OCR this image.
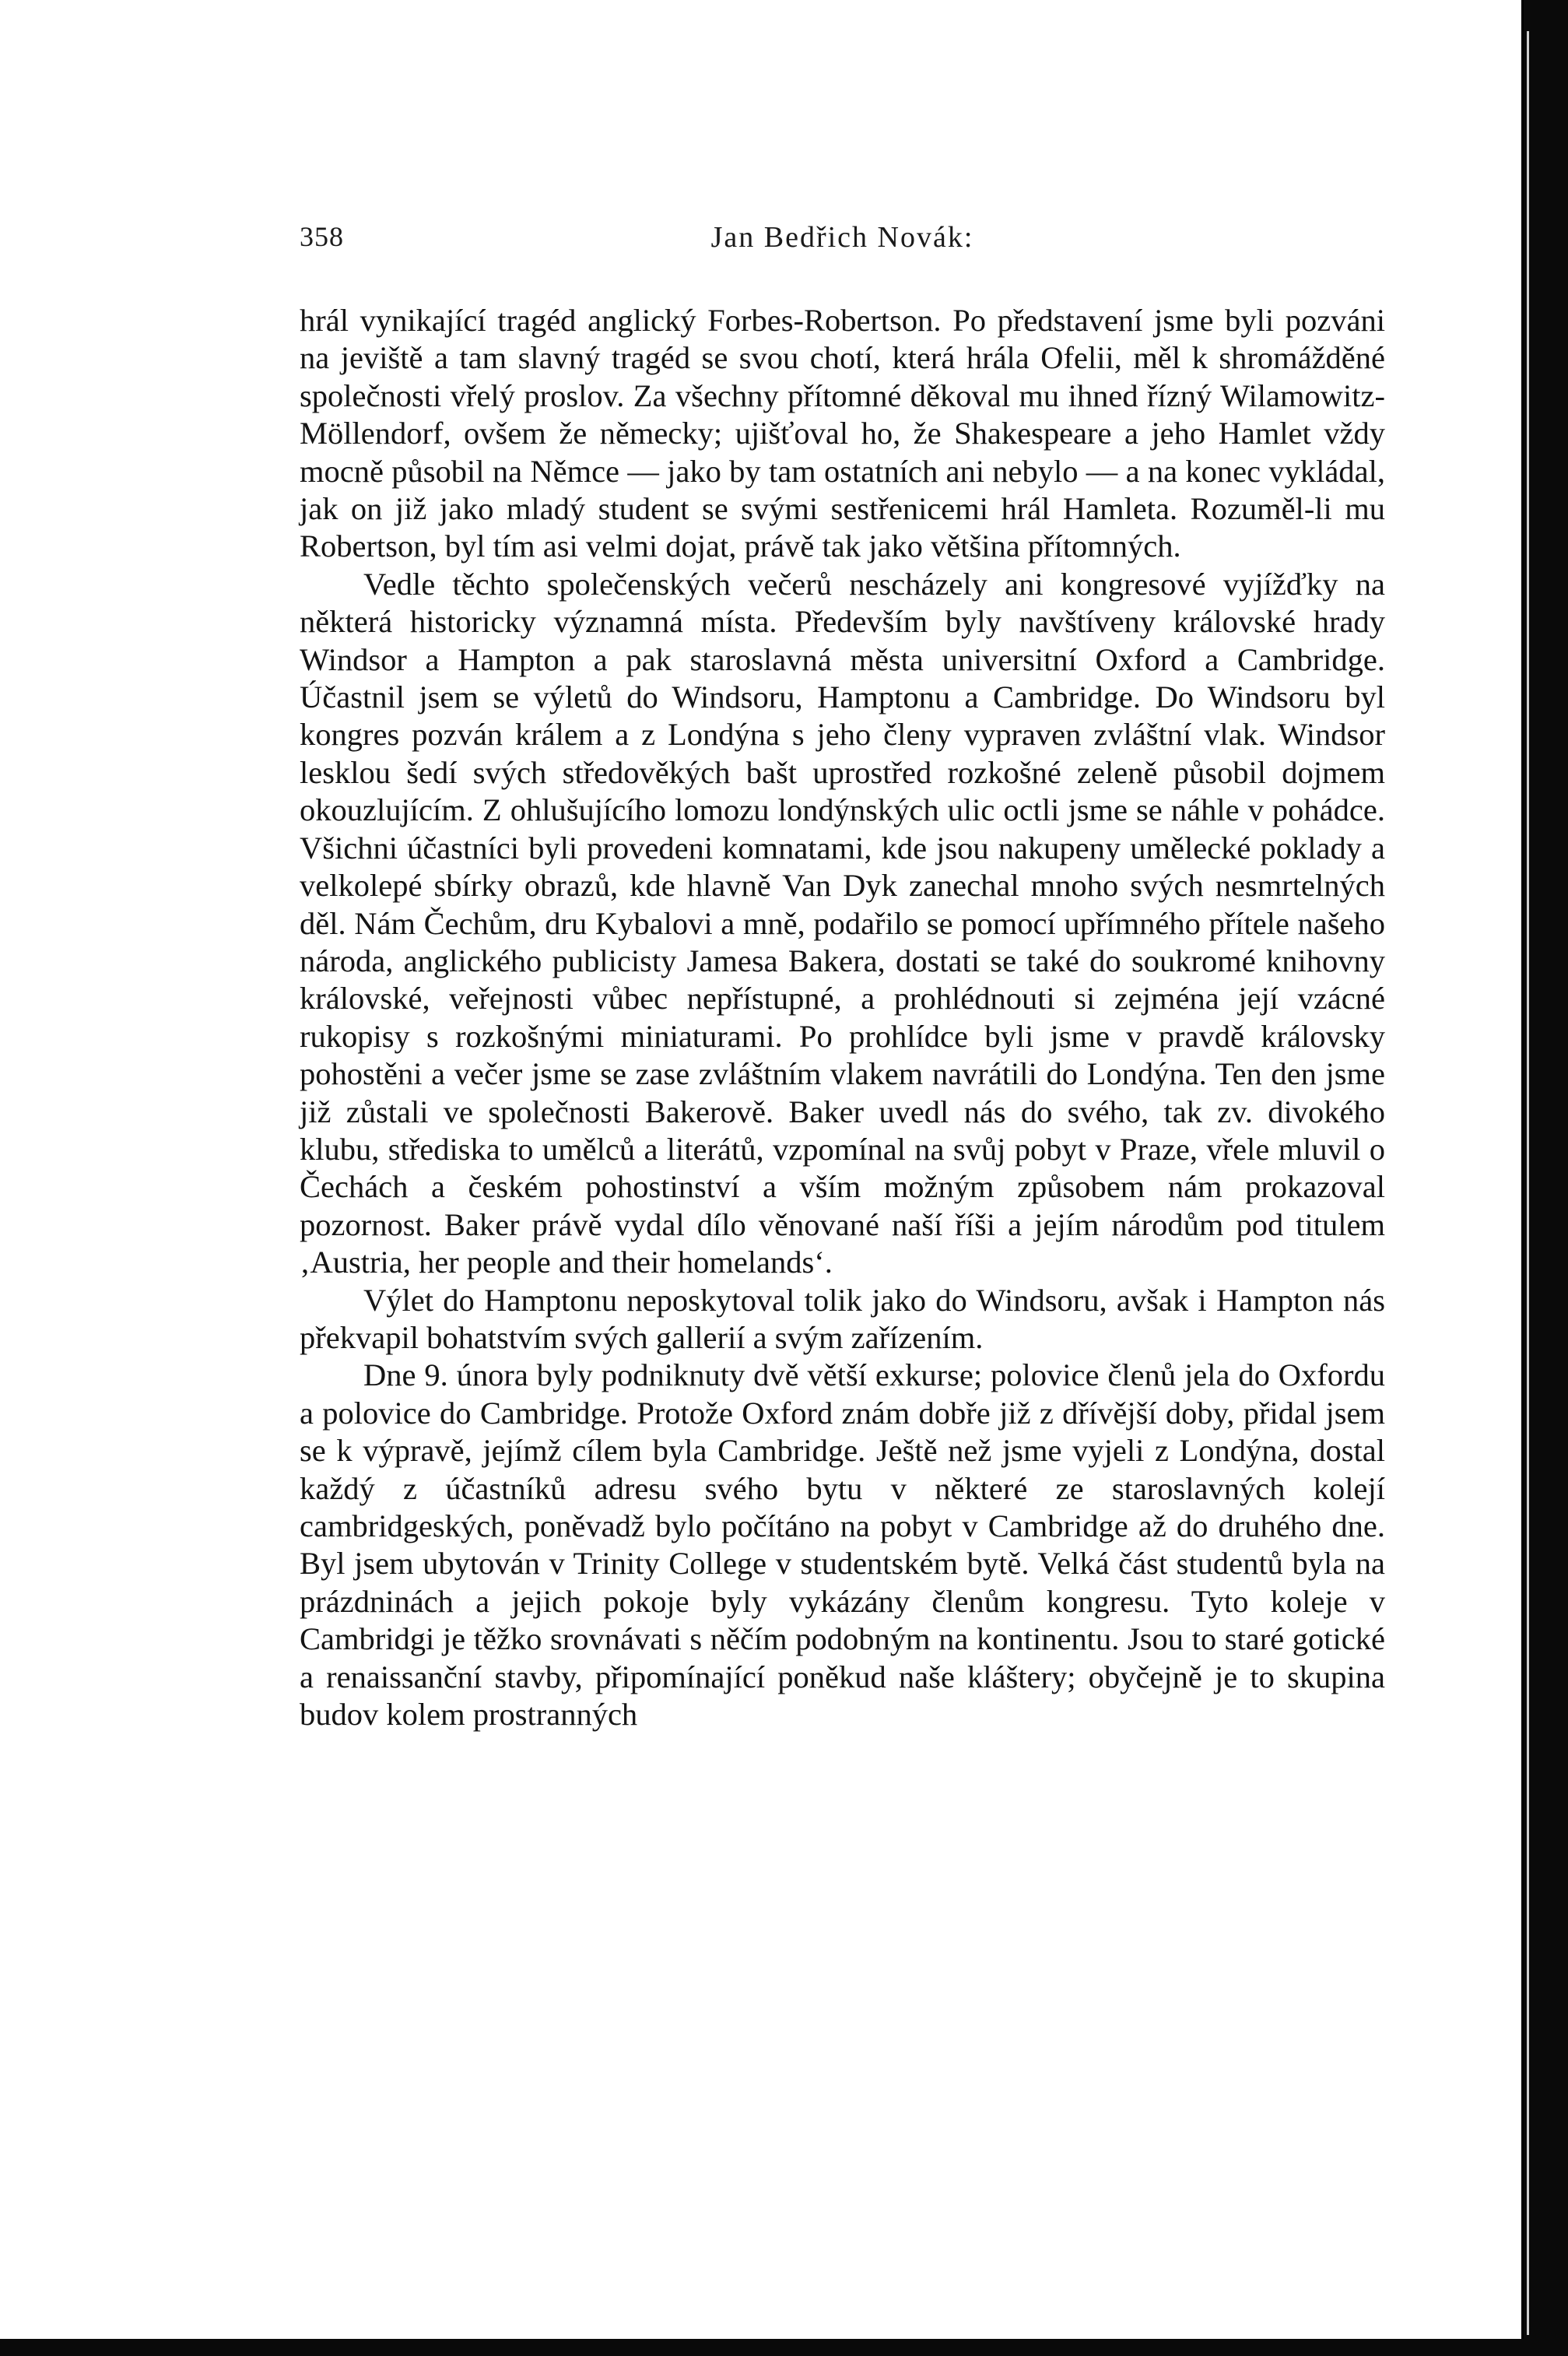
358	Jan Bedřich Novák:

hrál vynikající tragéd anglický Forbes-Robertson. Po představení jsme byli pozváni na jeviště a tam slavný tragéd se svou chotí, která hrála Ofelii, měl k shromážděné společnosti vřelý proslov. Za všechny přítomné děkoval mu ihned řízný Wilamowitz-Möllendorf, ovšem že německy; ujišťoval ho, že Shakespeare a jeho Hamlet vždy mocně působil na Němce — jako by tam ostatních ani nebylo — a na konec vykládal, jak on již jako mladý student se svými sestřenicemi hrál Hamleta. Rozuměl-li mu Robertson, byl tím asi velmi dojat, právě tak jako většina přítomných.

Vedle těchto společenských večerů nescházely ani kongresové vyjížďky na některá historicky významná místa. Především byly navštíveny královské hrady Windsor a Hampton a pak staroslavná města universitní Oxford a Cambridge. Účastnil jsem se výletů do Windsoru, Hamptonu a Cambridge. Do Windsoru byl kongres pozván králem a z Londýna s jeho členy vypraven zvláštní vlak. Windsor lesklou šedí svých středověkých bašt uprostřed rozkošné zeleně působil dojmem okouzlujícím. Z ohlušujícího lomozu londýnských ulic octli jsme se náhle v pohádce. Všichni účastníci byli provedeni komnatami, kde jsou nakupeny umělecké poklady a velkolepé sbírky obrazů, kde hlavně Van Dyk zanechal mnoho svých nesmrtelných děl. Nám Čechům, dru Kybalovi a mně, podařilo se pomocí upřímného přítele našeho národa, anglického publicisty Jamesa Bakera, dostati se také do soukromé knihovny královské, veřejnosti vůbec nepřístupné, a prohlédnouti si zejména její vzácné rukopisy s rozkošnými miniaturami. Po prohlídce byli jsme v pravdě královsky pohostěni a večer jsme se zase zvláštním vlakem navrátili do Londýna. Ten den jsme již zůstali ve společnosti Bakerově. Baker uvedl nás do svého, tak zv. divokého klubu, střediska to umělců a literátů, vzpomínal na svůj pobyt v Praze, vřele mluvil o Čechách a českém pohostinství a vším možným způsobem nám prokazoval pozornost. Baker právě vydal dílo věnované naší říši a jejím národům pod titulem ‚Austria, her people and their homelands‘.

Výlet do Hamptonu neposkytoval tolik jako do Windsoru, avšak i Hampton nás překvapil bohatstvím svých gallerií a svým zařízením.

Dne 9. února byly podniknuty dvě větší exkurse; polovice členů jela do Oxfordu a polovice do Cambridge. Protože Oxford znám dobře již z dřívější doby, přidal jsem se k výpravě, jejímž cílem byla Cambridge. Ještě než jsme vyjeli z Londýna, dostal každý z účastníků adresu svého bytu v některé ze staroslavných kolejí cambridgeských, poněvadž bylo počítáno na pobyt v Cambridge až do druhého dne. Byl jsem ubytován v Trinity College v studentském bytě. Velká část studentů byla na prázdninách a jejich pokoje byly vykázány členům kongresu. Tyto koleje v Cambridgi je těžko srovnávati s něčím podobným na kontinentu. Jsou to staré gotické a renaissanční stavby, připomínající poněkud naše kláštery; obyčejně je to skupina budov kolem prostranných
